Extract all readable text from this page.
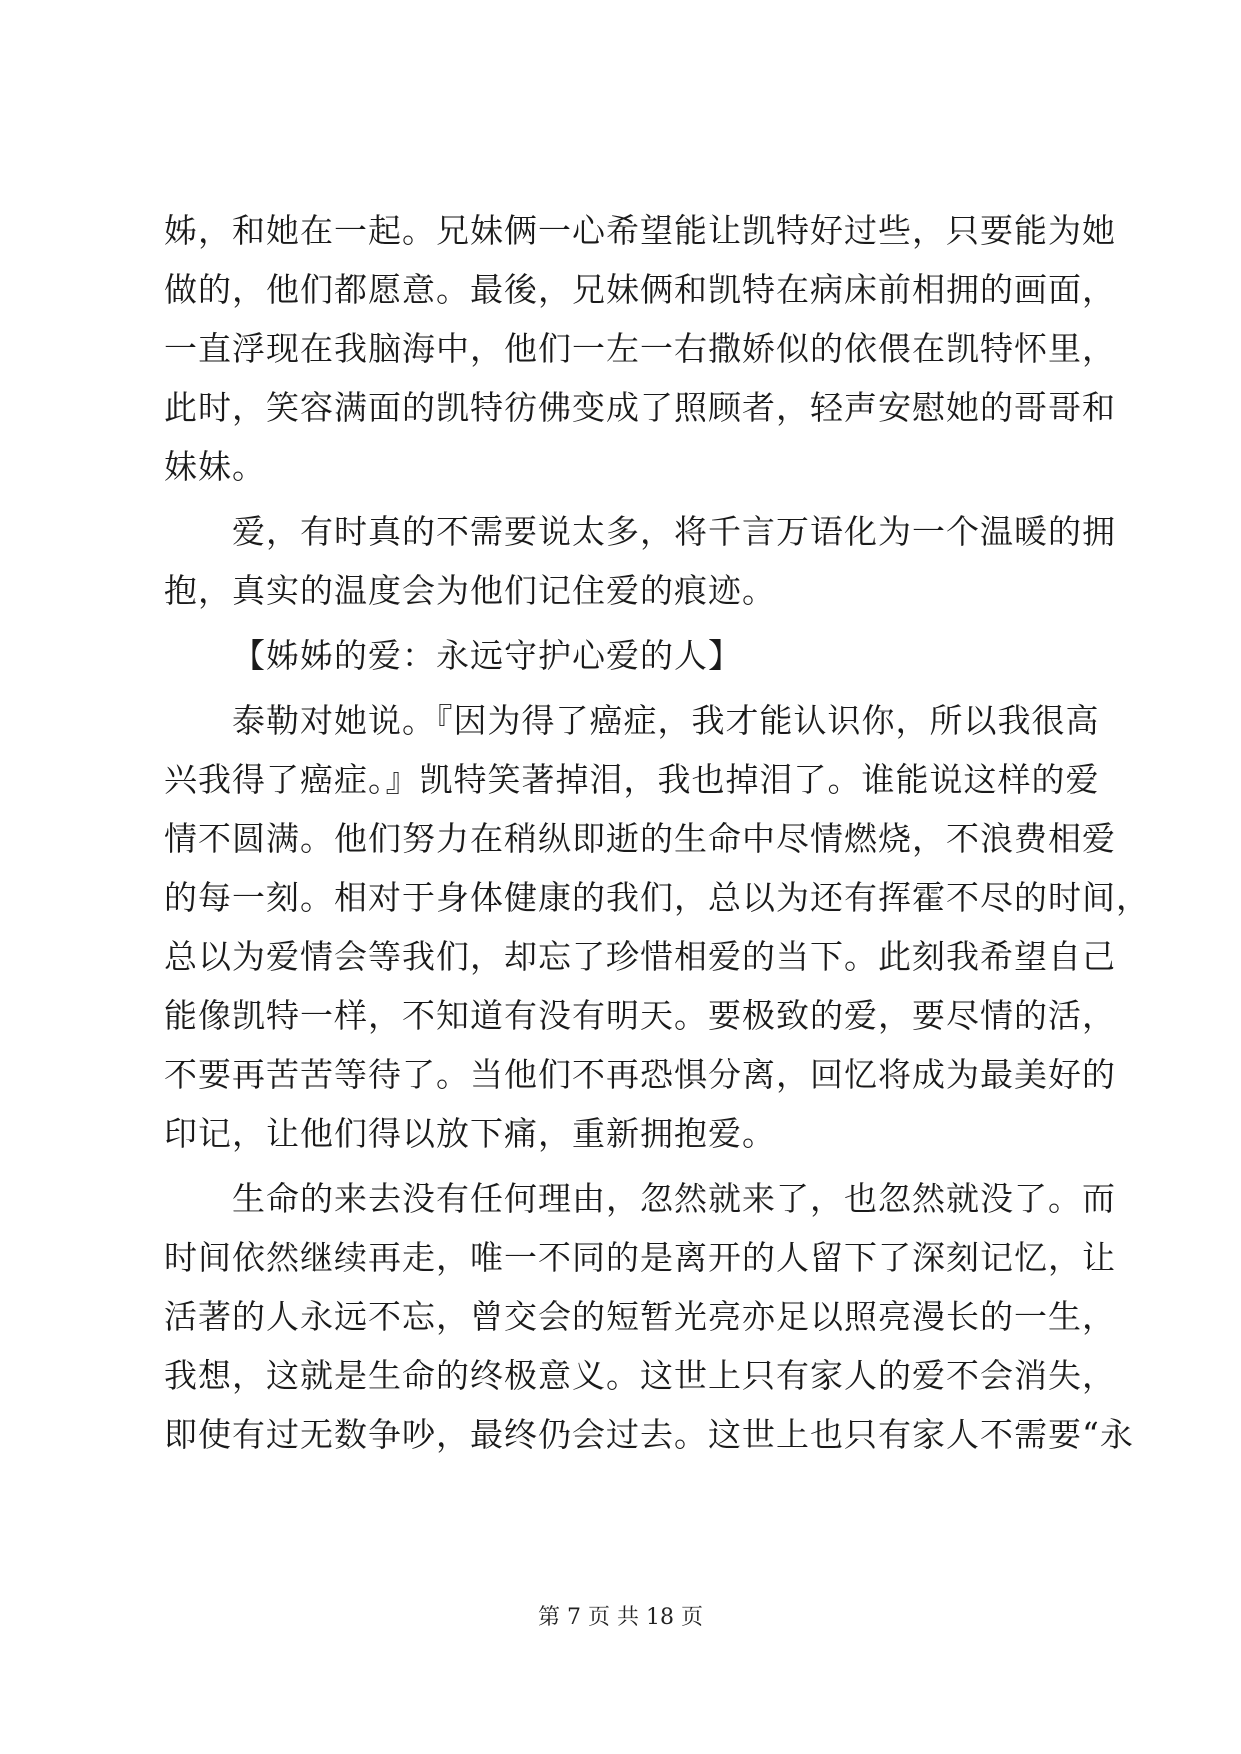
姊，和她在一起。兄妹俩一心希望能让凯特好过些，只要能为她
做的，他们都愿意。最後，兄妹俩和凯特在病床前相拥的画面，
一直浮现在我脑海中，他们一左一右撒娇似的依偎在凯特怀里，
此时，笑容满面的凯特彷佛变成了照顾者，轻声安慰她的哥哥和
妹妹。
爱，有时真的不需要说太多，将千言万语化为一个温暖的拥
抱，真实的温度会为他们记住爱的痕迹。
【姊姊的爱：永远守护心爱的人】
泰勒对她说。『因为得了癌症，我才能认识你，所以我很高
兴我得了癌症。』凯特笑著掉泪，我也掉泪了。谁能说这样的爱
情不圆满。他们努力在稍纵即逝的生命中尽情燃烧，不浪费相爱
的每一刻。相对于身体健康的我们，总以为还有挥霍不尽的时间，
总以为爱情会等我们，却忘了珍惜相爱的当下。此刻我希望自己
能像凯特一样，不知道有没有明天。要极致的爱，要尽情的活，
不要再苦苦等待了。当他们不再恐惧分离，回忆将成为最美好的
印记，让他们得以放下痛，重新拥抱爱。
生命的来去没有任何理由，忽然就来了，也忽然就没了。而
时间依然继续再走，唯一不同的是离开的人留下了深刻记忆，让
活著的人永远不忘，曾交会的短暂光亮亦足以照亮漫长的一生，
我想，这就是生命的终极意义。这世上只有家人的爱不会消失，
即使有过无数争吵，最终仍会过去。这世上也只有家人不需要“永
第 7 页 共 18 页
